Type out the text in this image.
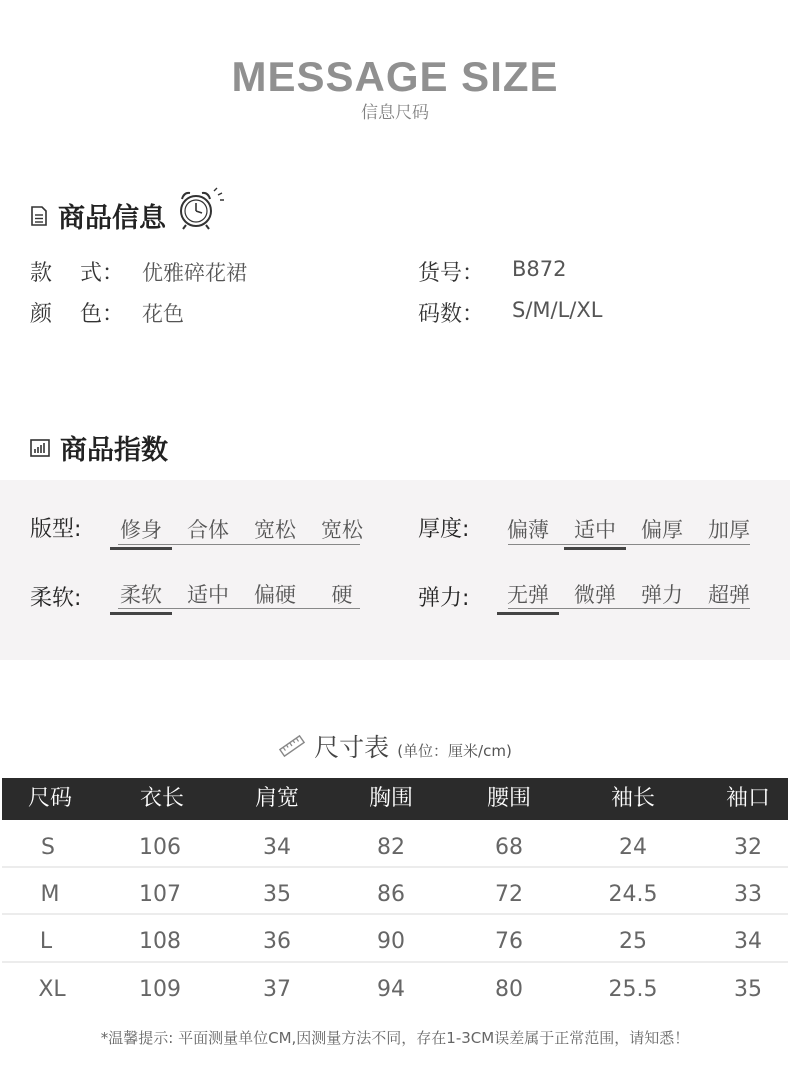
MESSAGE SIZE
信息尺码
商品信息
款    式： 优雅碎花裙
颜    色： 花色
货号： B872
码数： S/M/L/XL
商品指数
版型:	修身	合体	宽松	宽松	厚度:	偏薄	适中	偏厚	加厚
柔软:	柔软	适中	偏硬	硬	弹力:	无弹	微弹	弹力	超弹
尺寸表 (单位：厘米/cm)
尺码	衣长	肩宽	胸围	腰围	袖长	袖口
S	106	34	82	68	24	32
M	107	35	86	72	24.5	33
L	108	36	90	76	25	34
XL	109	37	94	80	25.5	35
*温馨提示: 平面测量单位CM,因测量方法不同，存在1-3CM误差属于正常范围，请知悉！
